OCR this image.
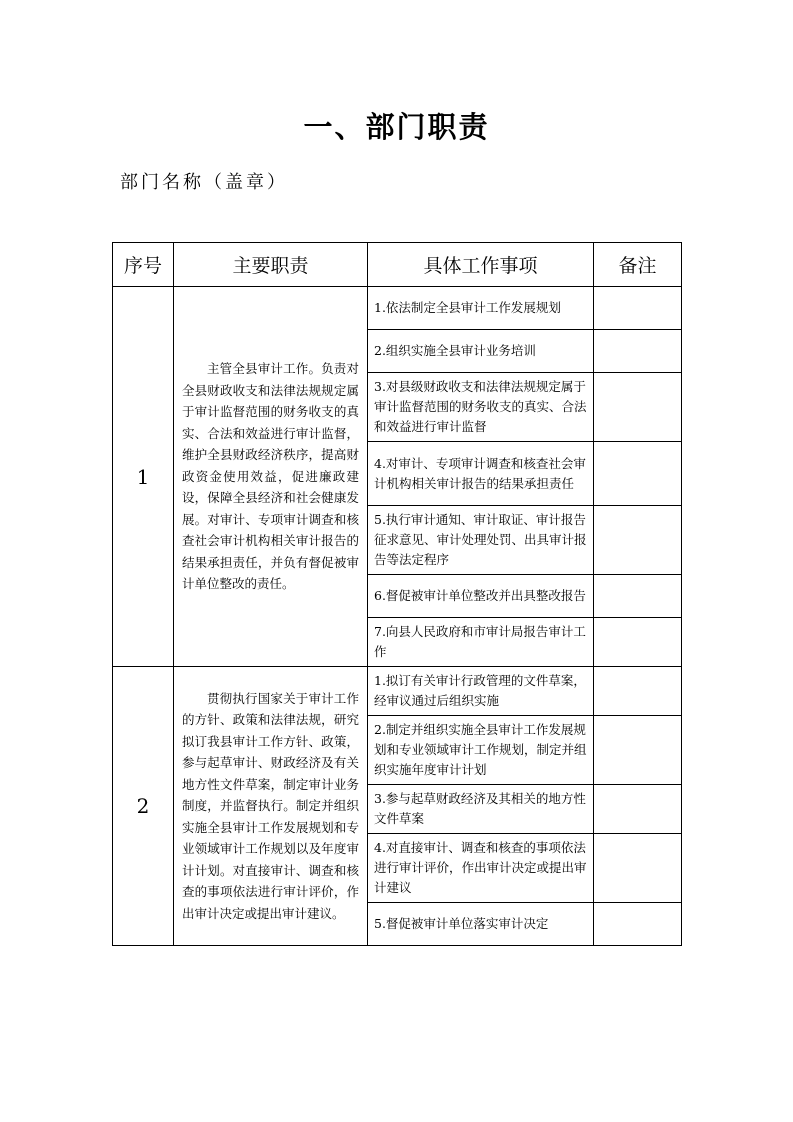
一、部门职责
部门名称（盖章）
序号	主要职责	具体工作事项	备注
1	主管全县审计工作。负责对全县财政收支和法律法规规定属于审计监督范围的财务收支的真实、合法和效益进行审计监督，维护全县财政经济秩序，提高财政资金使用效益，促进廉政建设，保障全县经济和社会健康发展。对审计、专项审计调查和核查社会审计机构相关审计报告的结果承担责任，并负有督促被审计单位整改的责任。	1.依法制定全县审计工作发展规划	
		2.组织实施全县审计业务培训	
		3.对县级财政收支和法律法规规定属于审计监督范围的财务收支的真实、合法和效益进行审计监督	
		4.对审计、专项审计调查和核查社会审计机构相关审计报告的结果承担责任	
		5.执行审计通知、审计取证、审计报告征求意见、审计处理处罚、出具审计报告等法定程序	
		6.督促被审计单位整改并出具整改报告	
		7.向县人民政府和市审计局报告审计工作	
2	贯彻执行国家关于审计工作的方针、政策和法律法规，研究拟订我县审计工作方针、政策，参与起草审计、财政经济及有关地方性文件草案，制定审计业务制度，并监督执行。制定并组织实施全县审计工作发展规划和专业领域审计工作规划以及年度审计计划。对直接审计、调查和核查的事项依法进行审计评价，作出审计决定或提出审计建议。	1.拟订有关审计行政管理的文件草案，经审议通过后组织实施	
		2.制定并组织实施全县审计工作发展规划和专业领域审计工作规划，制定并组织实施年度审计计划	
		3.参与起草财政经济及其相关的地方性文件草案	
		4.对直接审计、调查和核查的事项依法进行审计评价，作出审计决定或提出审计建议	
		5.督促被审计单位落实审计决定	
